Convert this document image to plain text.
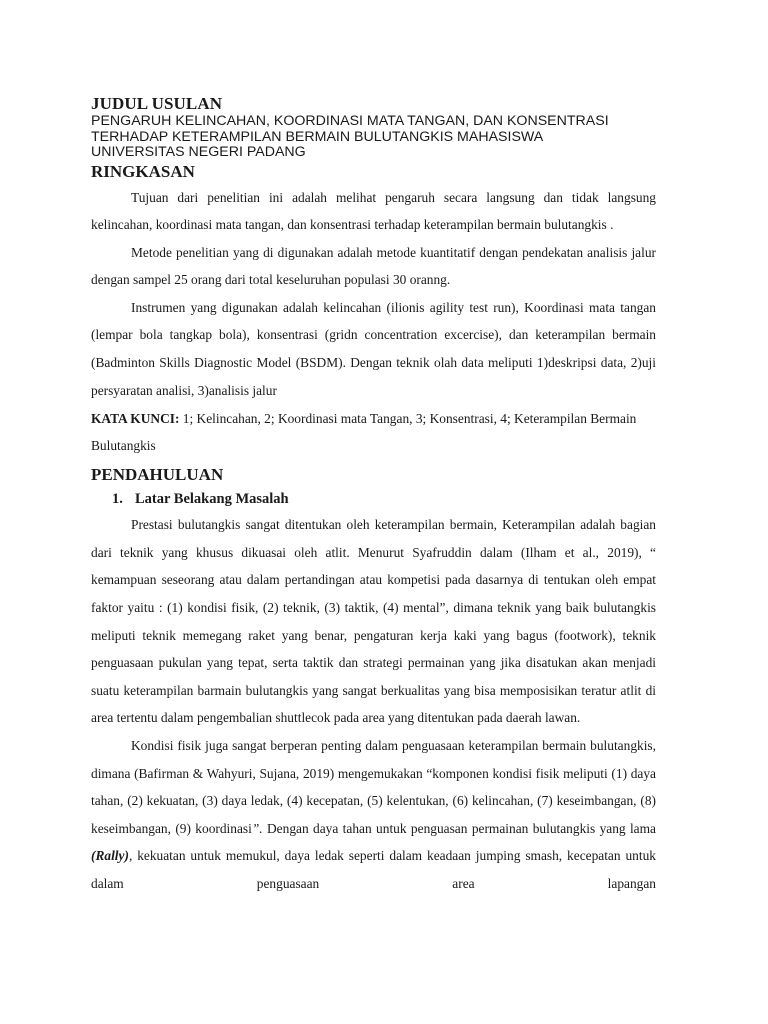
JUDUL USULAN
PENGARUH KELINCAHAN, KOORDINASI MATA TANGAN, DAN KONSENTRASI
TERHADAP KETERAMPILAN BERMAIN BULUTANGKIS MAHASISWA
UNIVERSITAS NEGERI PADANG
RINGKASAN

Tujuan dari penelitian ini adalah melihat pengaruh secara langsung dan tidak langsung kelincahan, koordinasi mata tangan, dan konsentrasi terhadap keterampilan bermain bulutangkis .

Metode penelitian yang di digunakan adalah metode kuantitatif dengan pendekatan analisis jalur dengan sampel 25 orang dari total keseluruhan populasi 30 oranng.

Instrumen yang digunakan adalah kelincahan (ilionis agility test run), Koordinasi mata tangan (lempar bola tangkap bola), konsentrasi (gridn concentration excercise), dan keterampilan bermain (Badminton Skills Diagnostic Model (BSDM). Dengan teknik olah data meliputi 1)deskripsi data, 2)uji persyaratan analisi, 3)analisis jalur

KATA KUNCI: 1; Kelincahan, 2; Koordinasi mata Tangan, 3; Konsentrasi, 4; Keterampilan Bermain Bulutangkis
PENDAHULUAN
1. Latar Belakang Masalah

Prestasi bulutangkis sangat ditentukan oleh keterampilan bermain, Keterampilan adalah bagian dari teknik yang khusus dikuasai oleh atlit. Menurut Syafruddin dalam (Ilham et al., 2019), “ kemampuan seseorang atau dalam pertandingan atau kompetisi pada dasarnya di tentukan oleh empat faktor yaitu : (1) kondisi fisik, (2) teknik, (3) taktik, (4) mental”, dimana teknik yang baik bulutangkis meliputi teknik memegang raket yang benar, pengaturan kerja kaki yang bagus (footwork), teknik penguasaan pukulan yang tepat, serta taktik dan strategi permainan yang jika disatukan akan menjadi suatu keterampilan barmain bulutangkis yang sangat berkualitas yang bisa memposisikan teratur atlit di area tertentu dalam pengembalian shuttlecok pada area yang ditentukan pada daerah lawan.

Kondisi fisik juga sangat berperan penting dalam penguasaan keterampilan bermain bulutangkis, dimana (Bafirman & Wahyuri, Sujana, 2019) mengemukakan “komponen kondisi fisik meliputi (1) daya tahan, (2) kekuatan, (3) daya ledak, (4) kecepatan, (5) kelentukan, (6) kelincahan, (7) keseimbangan, (8) keseimbangan, (9) koordinasi”. Dengan daya tahan untuk penguasan permainan bulutangkis yang lama (Rally), kekuatan untuk memukul, daya ledak seperti dalam keadaan jumping smash, kecepatan untuk dalam penguasaan area lapangan
